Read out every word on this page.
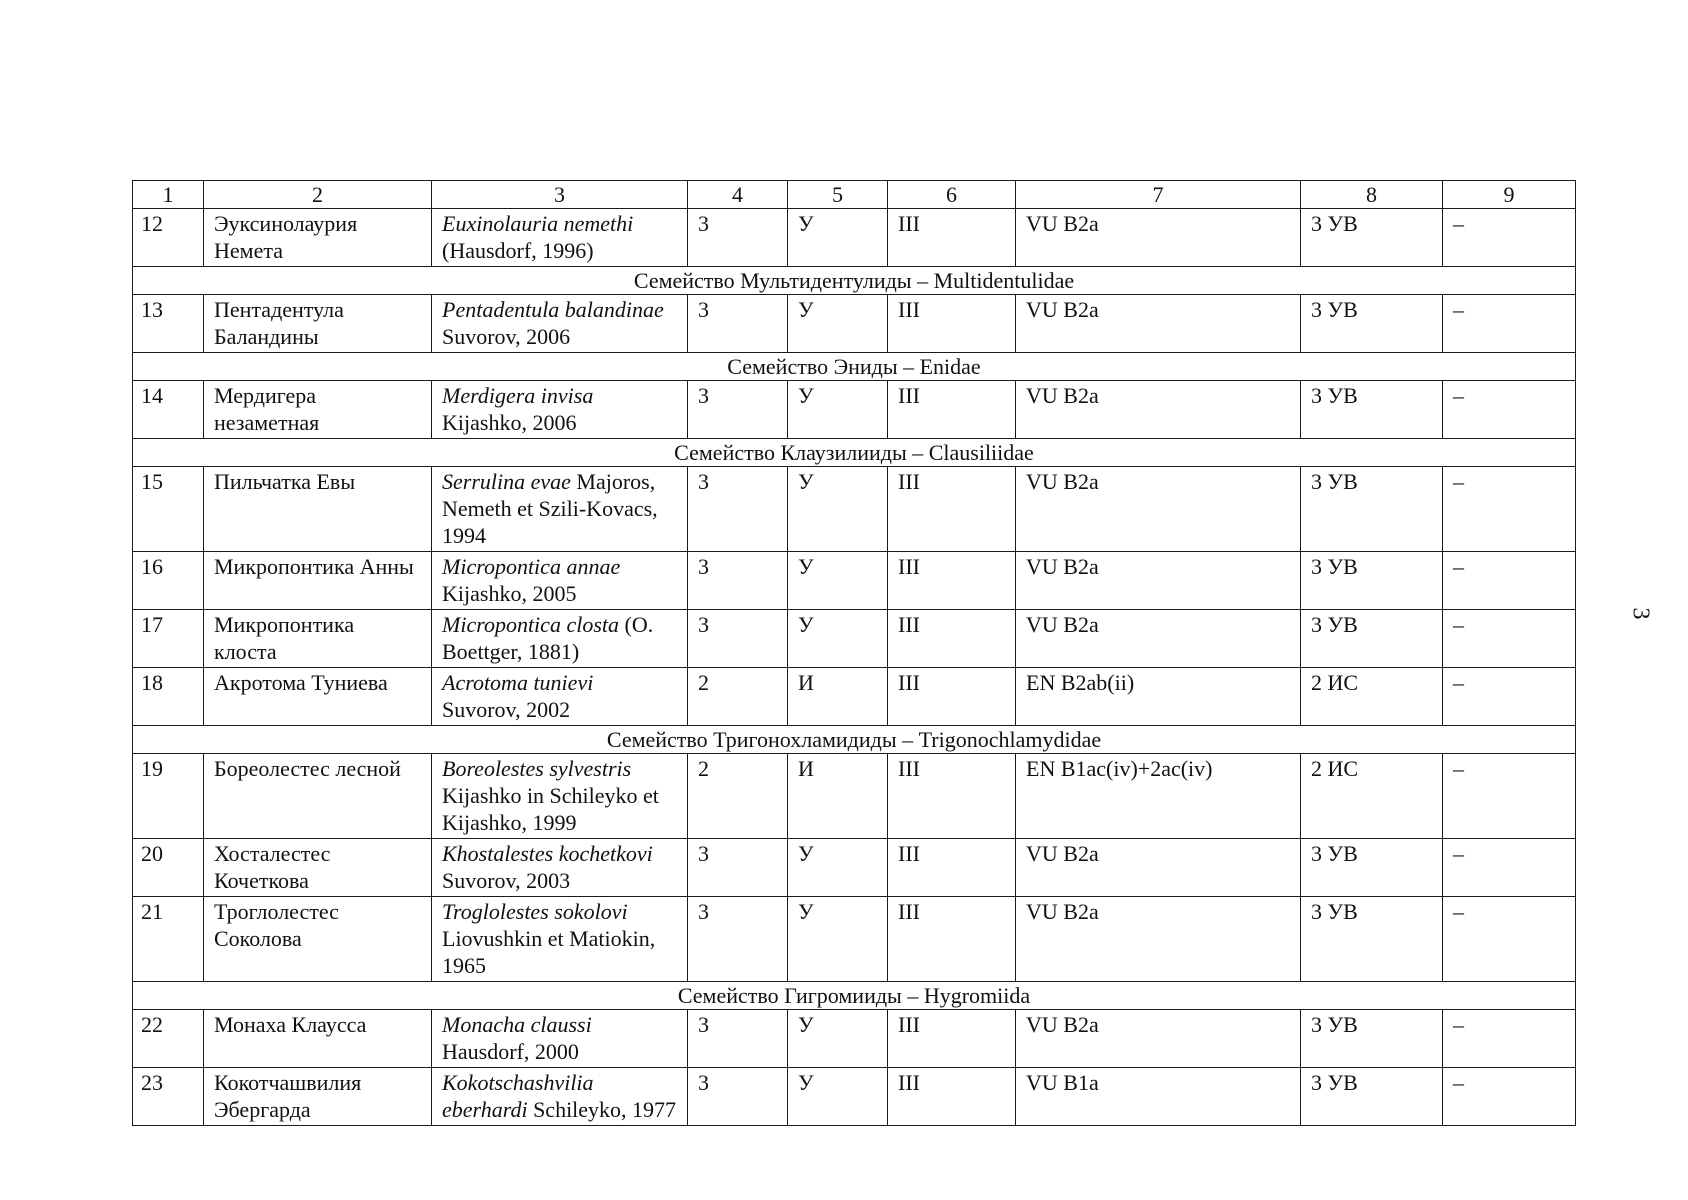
1	2	3	4	5	6	7	8	9
12	Эуксинолаурия Немета	Euxinolauria nemethi (Hausdorf, 1996)	3	У	III	VU B2a	3 УВ	–
Семейство Мультидентулиды – Multidentulidae								
13	Пентадентула Баландины	Pentadentula balandinae Suvorov, 2006	3	У	III	VU B2a	3 УВ	–
Семейство Эниды – Enidae								
14	Мердигера незаметная	Merdigera invisa Kijashko, 2006	3	У	III	VU B2a	3 УВ	–
Семейство Клаузилииды – Clausiliidae								
15	Пильчатка Евы	Serrulina evae Majoros, Nemeth et Szili-Kovacs, 1994	3	У	III	VU B2a	3 УВ	–
16	Микропонтика Анны	Micropontica annae Kijashko, 2005	3	У	III	VU B2a	3 УВ	–
17	Микропонтика клоста	Micropontica closta (O. Boettger, 1881)	3	У	III	VU B2a	3 УВ	–
18	Акротома Туниева	Acrotoma tunievi Suvorov, 2002	2	И	III	EN B2ab(ii)	2 ИС	–
Семейство Тригонохламидиды – Trigonochlamydidae								
19	Бореолестес лесной	Boreolestes sylvestris Kijashko in Schileyko et Kijashko, 1999	2	И	III	EN B1ac(iv)+2ac(iv)	2 ИС	–
20	Хосталестес Кочеткова	Khostalestes kochetkovi Suvorov, 2003	3	У	III	VU B2a	3 УВ	–
21	Троглолестес Соколова	Troglolestes sokolovi Liovushkin et Matiokin, 1965	3	У	III	VU B2a	3 УВ	–
Семейство Гигромииды – Hygromiida								
22	Монаха Клаусса	Monacha claussi Hausdorf, 2000	3	У	III	VU B2a	3 УВ	–
23	Кокотчашвилия Эбергарда	Kokotschashvilia eberhardi Schileyko, 1977	3	У	III	VU B1a	3 УВ	–
3
